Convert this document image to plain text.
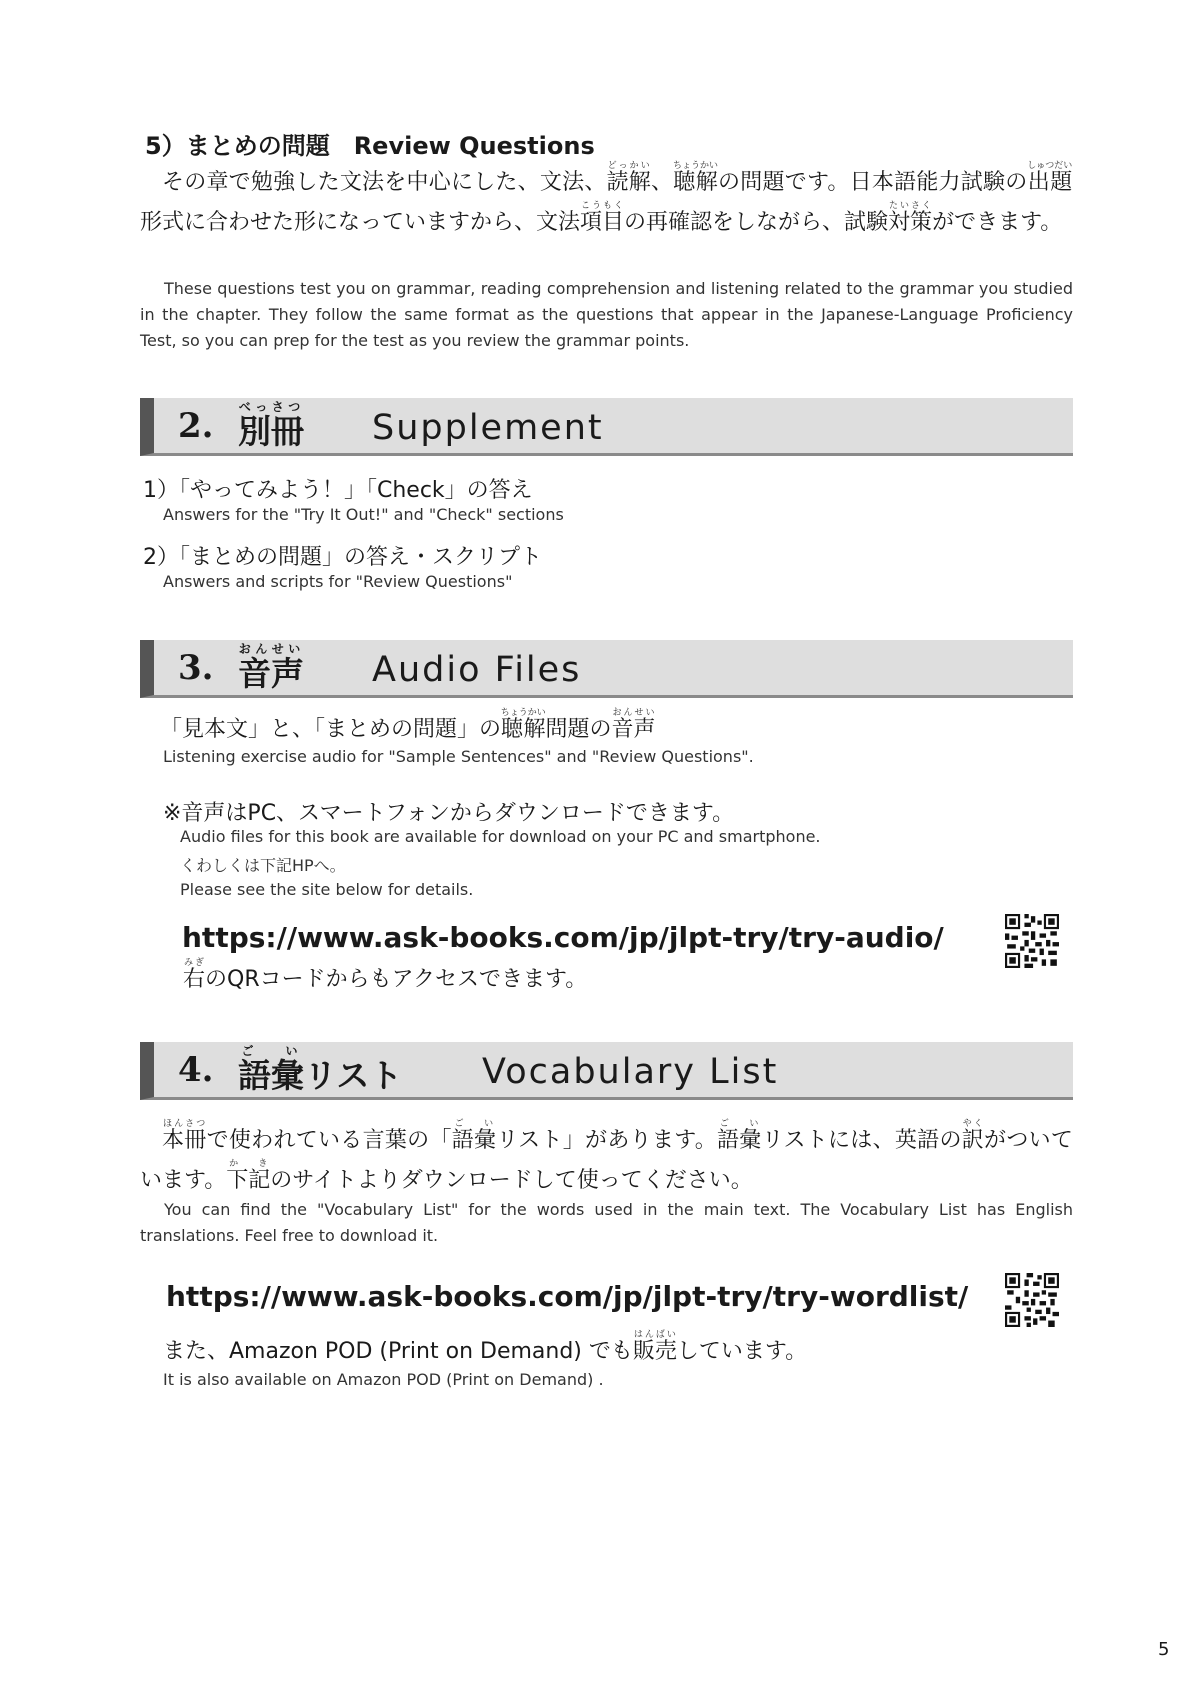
5）まとめの問題　Review Questions
その章で勉強した文法を中心にした、文法、読解どっかい、聴解ちょうかいの問題です。日本語能力試験の出題しゅつだい形式に合わせた形になっていますから、文法項目こうもくの再確認をしながら、試験対策たいさくができます。
These questions test you on grammar, reading comprehension and listening related to the grammar you studied in the chapter. They follow the same format as the questions that appear in the Japanese-Language Proficiency Test, so you can prep for the test as you review the grammar points.
2. 別冊べっさつ
Supplement
1）「やってみよう！」「Check」の答え
Answers for the "Try It Out!" and "Check" sections
2）「まとめの問題」の答え・スクリプト
Answers and scripts for "Review Questions"
3. 音声おんせい
Audio Files
「見本文」と、「まとめの問題」の聴解ちょうかい問題の音声おんせい
Listening exercise audio for "Sample Sentences" and "Review Questions".
※音声はPC、スマートフォンからダウンロードできます。
Audio files for this book are available for download on your PC and smartphone.
くわしくは下記HPへ。
Please see the site below for details.
https://www.ask-books.com/jp/jlpt-try/try-audio/
右みぎのQRコードからもアクセスできます。
4. 語彙ご　いリスト Vocabulary List
本冊ほんさつで使われている言葉の「語彙ご　いリスト」があります。語彙ご　いリストには、英語の訳やくがついています。下記か　きのサイトよりダウンロードして使ってください。
You can find the "Vocabulary List" for the words used in the main text. The Vocabulary List has English translations. Feel free to download it.
https://www.ask-books.com/jp/jlpt-try/try-wordlist/
また、Amazon POD (Print on Demand) でも販売はんばいしています。
It is also available on Amazon POD (Print on Demand) .
5
